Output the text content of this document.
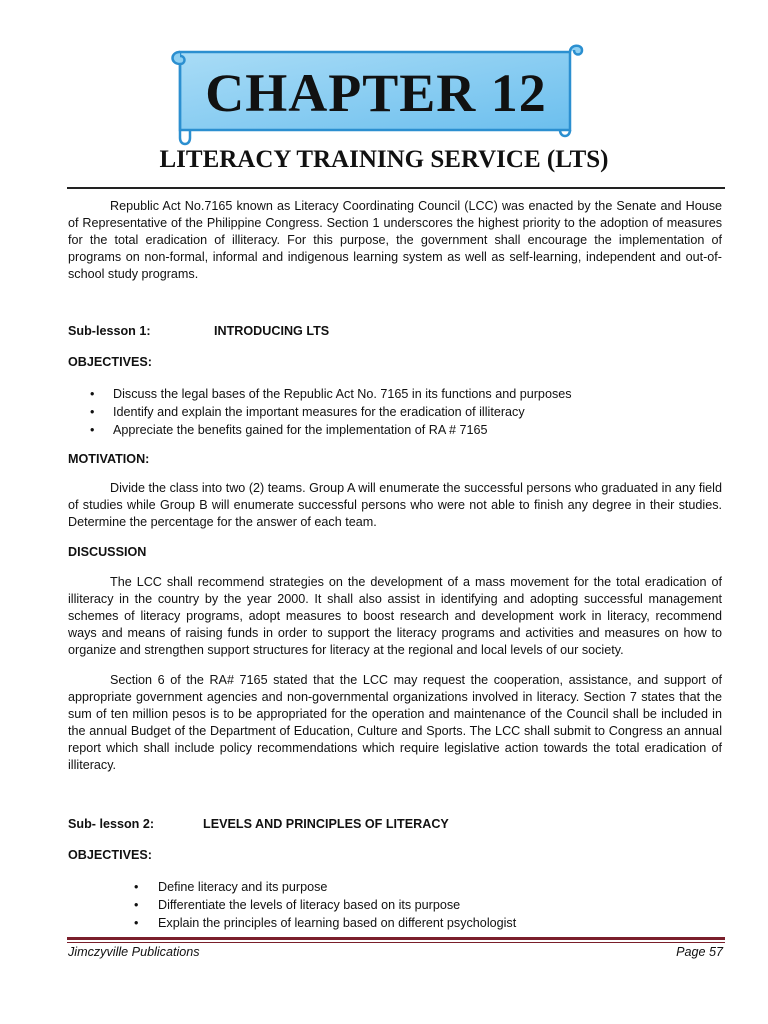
CHAPTER 12
LITERACY TRAINING SERVICE (LTS)

Republic Act No.7165 known as Literacy Coordinating Council (LCC) was enacted by the Senate and House of Representative of the Philippine Congress. Section 1 underscores the highest priority to the adoption of measures for the total eradication of illiteracy. For this purpose, the government shall encourage the implementation of programs on non-formal, informal and indigenous learning system as well as self-learning, independent and out-of-school study programs.

Sub-lesson 1:	INTRODUCING LTS

OBJECTIVES:

• Discuss the legal bases of the Republic Act No. 7165 in its functions and purposes
• Identify and explain the important measures for the eradication of illiteracy
• Appreciate the benefits gained for the implementation of RA # 7165

MOTIVATION:

Divide the class into two (2) teams. Group A will enumerate the successful persons who graduated in any field of studies while Group B will enumerate successful persons who were not able to finish any degree in their studies. Determine the percentage for the answer of each team.

DISCUSSION

The LCC shall recommend strategies on the development of a mass movement for the total eradication of illiteracy in the country by the year 2000. It shall also assist in identifying and adopting successful management schemes of literacy programs, adopt measures to boost research and development work in literacy, recommend ways and means of raising funds in order to support the literacy programs and activities and measures on how to organize and strengthen support structures for literacy at the regional and local levels of our society.

Section 6 of the RA# 7165 stated that the LCC may request the cooperation, assistance, and support of appropriate government agencies and non-governmental organizations involved in literacy. Section 7 states that the sum of ten million pesos is to be appropriated for the operation and maintenance of the Council shall be included in the annual Budget of the Department of Education, Culture and Sports. The LCC shall submit to Congress an annual report which shall include policy recommendations which require legislative action towards the total eradication of illiteracy.

Sub- lesson 2:	LEVELS AND PRINCIPLES OF LITERACY

OBJECTIVES:

• Define literacy and its purpose
• Differentiate the levels of literacy based on its purpose
• Explain the principles of learning based on different psychologist
Jimczyville Publications	Page 57
